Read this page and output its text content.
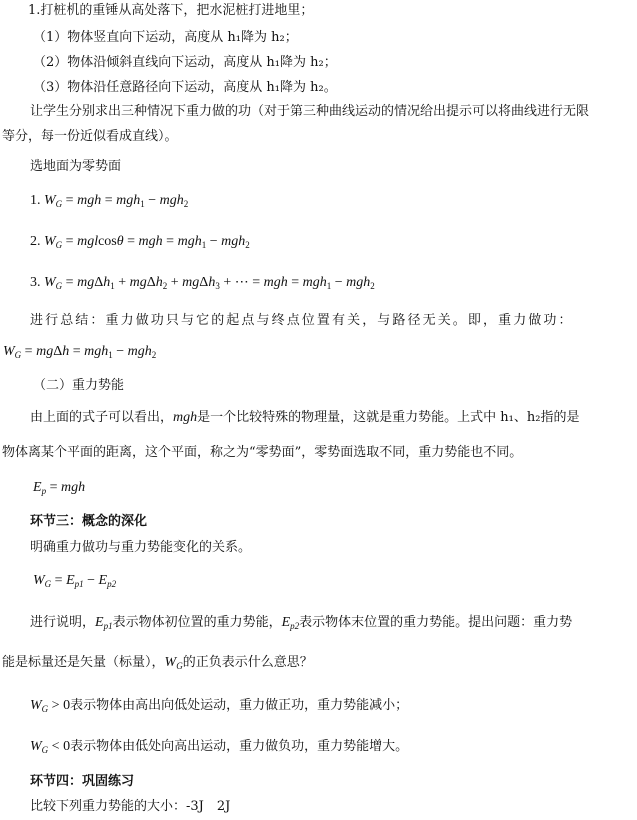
1.打桩机的重锤从高处落下，把水泥桩打进地里；
（1）物体竖直向下运动，高度从 h₁降为 h₂；
（2）物体沿倾斜直线向下运动，高度从 h₁降为 h₂；
（3）物体沿任意路径向下运动，高度从 h₁降为 h₂。
让学生分别求出三种情况下重力做的功（对于第三种曲线运动的情况给出提示可以将曲线进行无限
等分，每一份近似看成直线）。
选地面为零势面
1. $W_G$ = mgh = mgh$_1$ − mgh$_2$
2. $W_G = mglcos\theta$ = mgh = mgh$_1$ − mgh$_2$
3. $W_G = mg\Delta h_1 + mg\Delta h_2 + mg\Delta h_3$ + ⋯ = mgh = mgh$_1$ − mgh$_2$
进行总结：重力做功只与它的起点与终点位置有关，与路径无关。即，重力做功：
$W_G = mg\Delta h = mgh_1 - mgh_2$
（二）重力势能
由上面的式子可以看出，mgh是一个比较特殊的物理量，这就是重力势能。上式中 h₁、h₂指的是
物体离某个平面的距离，这个平面，称之为“零势面”，零势面选取不同，重力势能也不同。
$E_p$ = mgh
环节三：概念的深化
明确重力做功与重力势能变化的关系。
$W_G = E_{p1} - E_{p2}$
进行说明，$E_{p1}$表示物体初位置的重力势能，$E_{p2}$表示物体末位置的重力势能。提出问题：重力势
能是标量还是矢量（标量），$W_G$的正负表示什么意思？
$W_G > 0$表示物体由高出向低处运动，重力做正功，重力势能减小；
$W_G < 0$表示物体由低处向高出运动，重力做负功，重力势能增大。
环节四：巩固练习
比较下列重力势能的大小：-3J　2J
